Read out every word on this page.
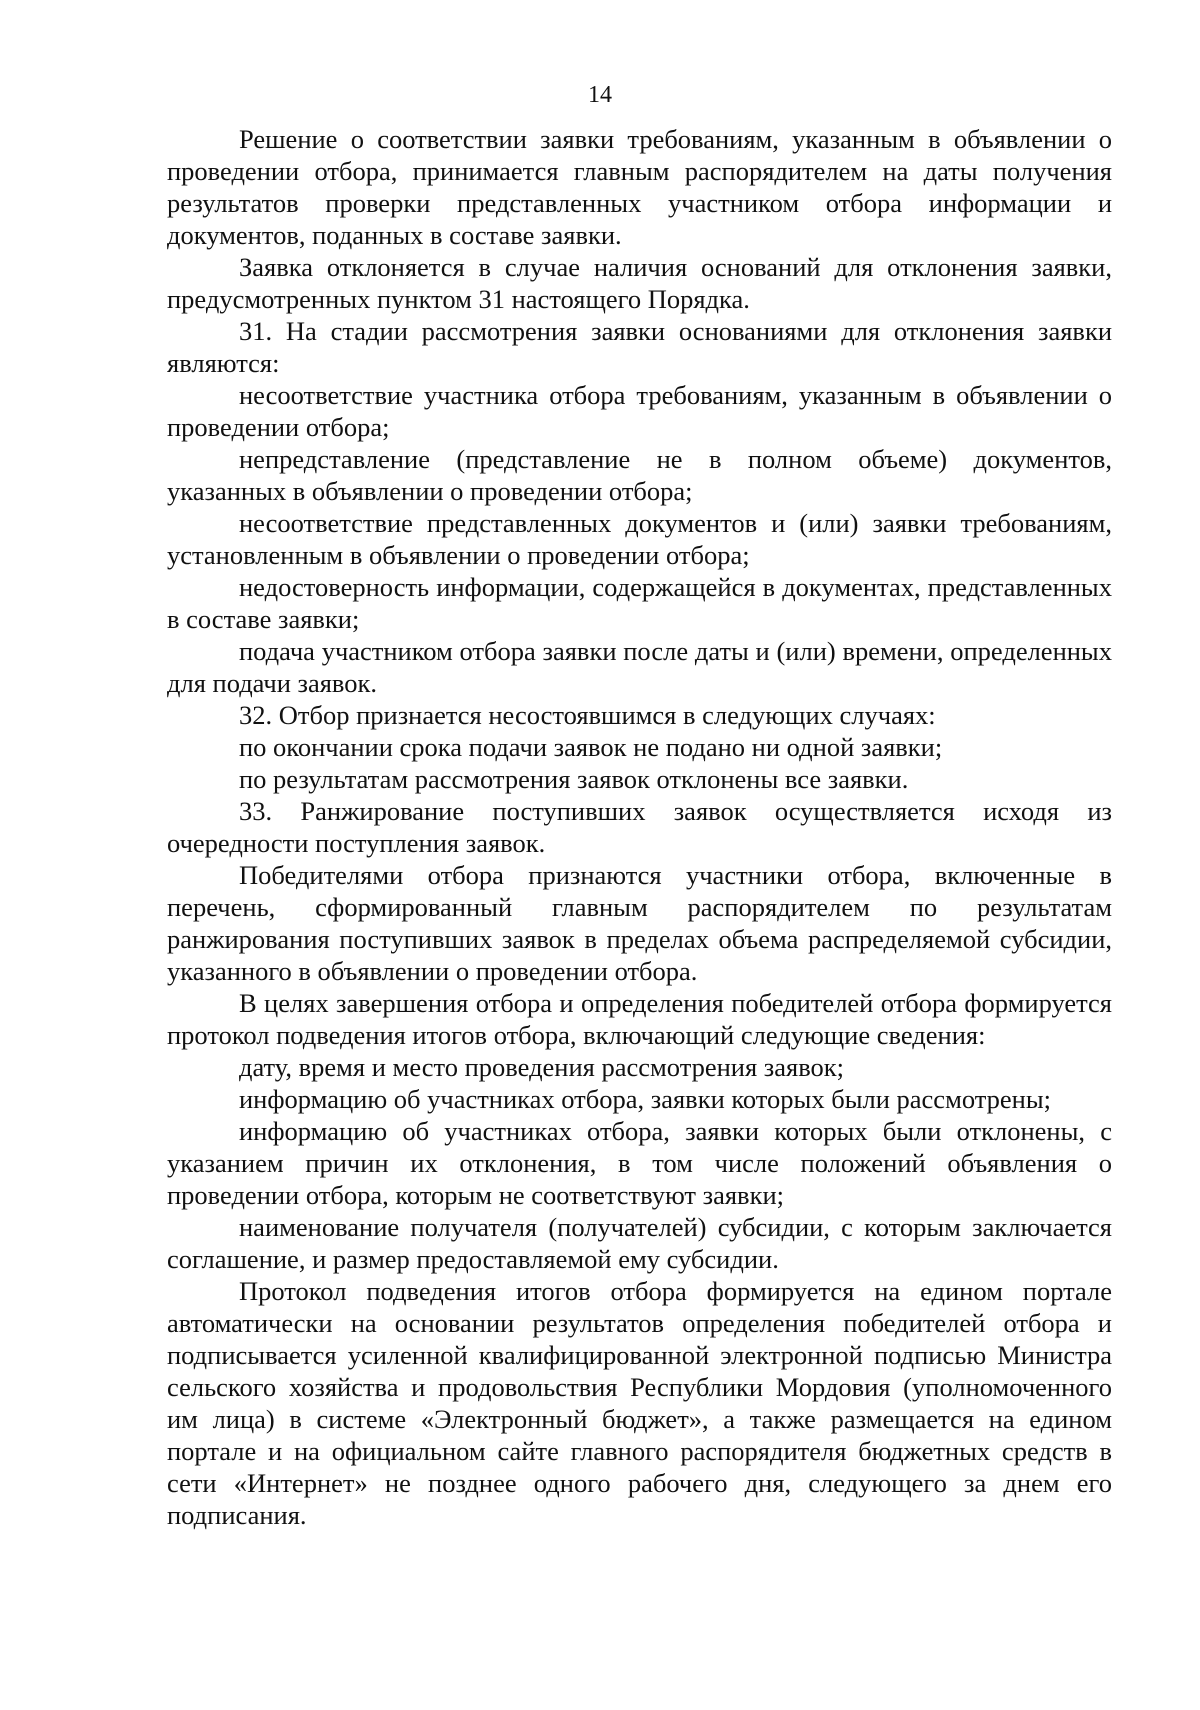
14

Решение о соответствии заявки требованиям, указанным в объявлении о проведении отбора, принимается главным распорядителем на даты получения результатов проверки представленных участником отбора информации и документов, поданных в составе заявки.

Заявка отклоняется в случае наличия оснований для отклонения заявки, предусмотренных пунктом 31 настоящего Порядка.

31. На стадии рассмотрения заявки основаниями для отклонения заявки являются:

несоответствие участника отбора требованиям, указанным в объявлении о проведении отбора;

непредставление (представление не в полном объеме) документов, указанных в объявлении о проведении отбора;

несоответствие представленных документов и (или) заявки требованиям, установленным в объявлении о проведении отбора;

недостоверность информации, содержащейся в документах, представленных в составе заявки;

подача участником отбора заявки после даты и (или) времени, определенных для подачи заявок.

32. Отбор признается несостоявшимся в следующих случаях:

по окончании срока подачи заявок не подано ни одной заявки;

по результатам рассмотрения заявок отклонены все заявки.

33. Ранжирование поступивших заявок осуществляется исходя из очередности поступления заявок.

Победителями отбора признаются участники отбора, включенные в перечень, сформированный главным распорядителем по результатам ранжирования поступивших заявок в пределах объема распределяемой субсидии, указанного в объявлении о проведении отбора.

В целях завершения отбора и определения победителей отбора формируется протокол подведения итогов отбора, включающий следующие сведения:

дату, время и место проведения рассмотрения заявок;

информацию об участниках отбора, заявки которых были рассмотрены;

информацию об участниках отбора, заявки которых были отклонены, с указанием причин их отклонения, в том числе положений объявления о проведении отбора, которым не соответствуют заявки;

наименование получателя (получателей) субсидии, с которым заключается соглашение, и размер предоставляемой ему субсидии.

Протокол подведения итогов отбора формируется на едином портале автоматически на основании результатов определения победителей отбора и подписывается усиленной квалифицированной электронной подписью Министра сельского хозяйства и продовольствия Республики Мордовия (уполномоченного им лица) в системе «Электронный бюджет», а также размещается на едином портале и на официальном сайте главного распорядителя бюджетных средств в сети «Интернет» не позднее одного рабочего дня, следующего за днем его подписания.
